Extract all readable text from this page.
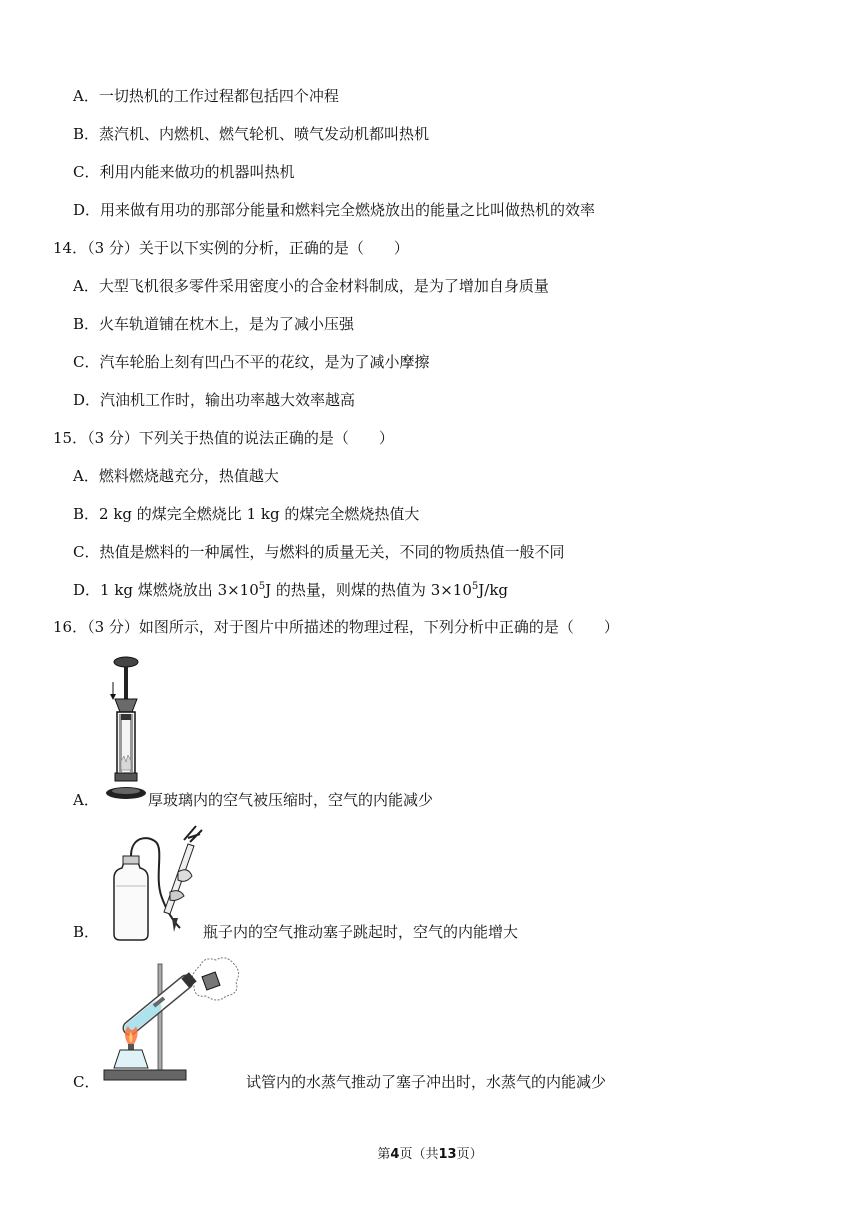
A．一切热机的工作过程都包括四个冲程
B．蒸汽机、内燃机、燃气轮机、喷气发动机都叫热机
C．利用内能来做功的机器叫热机
D．用来做有用功的那部分能量和燃料完全燃烧放出的能量之比叫做热机的效率
14．（3 分）关于以下实例的分析，正确的是（　　）
A．大型飞机很多零件采用密度小的合金材料制成，是为了增加自身质量
B．火车轨道铺在枕木上，是为了减小压强
C．汽车轮胎上刻有凹凸不平的花纹，是为了减小摩擦
D．汽油机工作时，输出功率越大效率越高
15．（3 分）下列关于热值的说法正确的是（　　）
A．燃料燃烧越充分，热值越大
B．2 kg 的煤完全燃烧比 1 kg 的煤完全燃烧热值大
C．热值是燃料的一种属性，与燃料的质量无关，不同的物质热值一般不同
D．1 kg 煤燃烧放出 $3\times 10^5J$ 的热量，则煤的热值为 $3\times 10^5J/kg$
16．（3 分）如图所示，对于图片中所描述的物理过程，下列分析中正确的是（　　）
A．	厚玻璃内的空气被压缩时，空气的内能减少
B．	瓶子内的空气推动塞子跳起时，空气的内能增大
C．	试管内的水蒸气推动了塞子冲出时，水蒸气的内能减少
第4页（共13页）
